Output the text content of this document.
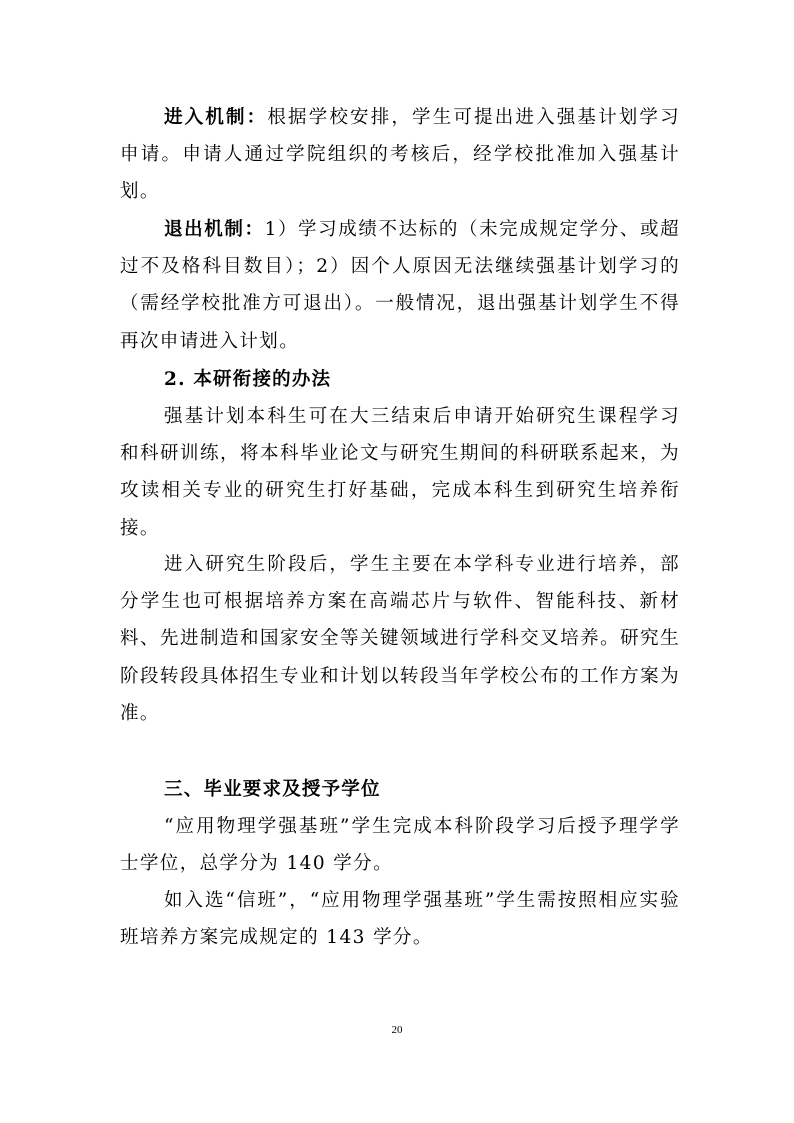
进入机制：根据学校安排，学生可提出进入强基计划学习申请。申请人通过学院组织的考核后，经学校批准加入强基计划。

退出机制：1）学习成绩不达标的（未完成规定学分、或超过不及格科目数目）；2）因个人原因无法继续强基计划学习的（需经学校批准方可退出）。一般情况，退出强基计划学生不得再次申请进入计划。

2. 本研衔接的办法

强基计划本科生可在大三结束后申请开始研究生课程学习和科研训练，将本科毕业论文与研究生期间的科研联系起来，为攻读相关专业的研究生打好基础，完成本科生到研究生培养衔接。

进入研究生阶段后，学生主要在本学科专业进行培养，部分学生也可根据培养方案在高端芯片与软件、智能科技、新材料、先进制造和国家安全等关键领域进行学科交叉培养。研究生阶段转段具体招生专业和计划以转段当年学校公布的工作方案为准。

三、毕业要求及授予学位

“应用物理学强基班”学生完成本科阶段学习后授予理学学士学位，总学分为 140 学分。

如入选“信班”，“应用物理学强基班”学生需按照相应实验班培养方案完成规定的 143 学分。

20
